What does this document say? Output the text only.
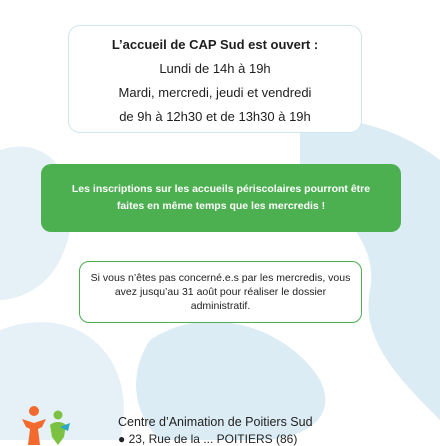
L’accueil de CAP Sud est ouvert :
Lundi de 14h à 19h
Mardi, mercredi, jeudi et vendredi
de 9h à 12h30 et de 13h30 à 19h
Les inscriptions sur les accueils périscolaires pourront être faites en même temps que les mercredis !
Si vous n’êtes pas concerné.e.s par les mercredis, vous avez jusqu’au 31 août pour réaliser le dossier administratif.
Centre d’Animation de Poitiers Sud
● 23, Rue de la ... POITIERS (86)
